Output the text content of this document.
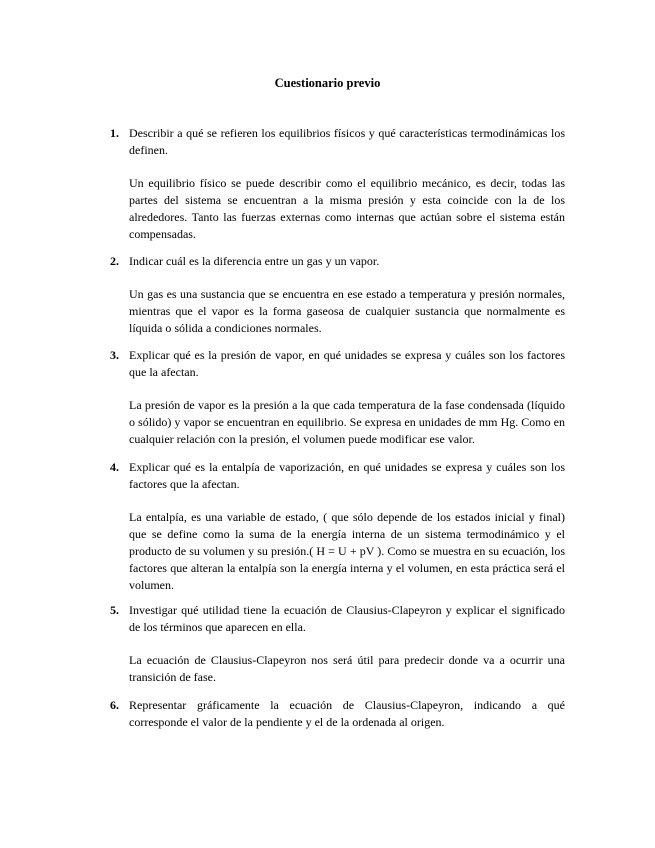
Cuestionario previo
1. Describir a qué se refieren los equilibrios físicos y qué características termodinámicas los definen.

Un equilibrio físico se puede describir como el equilibrio mecánico, es decir, todas las partes del sistema se encuentran a la misma presión y esta coincide con la de los alrededores. Tanto las fuerzas externas como internas que actúan sobre el sistema están compensadas.

2. Indicar cuál es la diferencia entre un gas y un vapor.

Un gas es una sustancia que se encuentra en ese estado a temperatura y presión normales, mientras que el vapor es la forma gaseosa de cualquier sustancia que normalmente es líquida o sólida a condiciones normales.

3. Explicar qué es la presión de vapor, en qué unidades se expresa y cuáles son los factores que la afectan.

La presión de vapor es la presión a la que cada temperatura de la fase condensada (líquido o sólido) y vapor se encuentran en equilibrio. Se expresa en unidades de mm Hg. Como en cualquier relación con la presión, el volumen puede modificar ese valor.

4. Explicar qué es la entalpía de vaporización, en qué unidades se expresa y cuáles son los factores que la afectan.

La entalpía, es una variable de estado, ( que sólo depende de los estados inicial y final) que se define como la suma de la energía interna de un sistema termodinámico y el producto de su volumen y su presión.( H = U + pV ). Como se muestra en su ecuación, los factores que alteran la entalpía son la energía interna y el volumen, en esta práctica será el volumen.

5. Investigar qué utilidad tiene la ecuación de Clausius-Clapeyron y explicar el significado de los términos que aparecen en ella.

La ecuación de Clausius-Clapeyron nos será útil para predecir donde va a ocurrir una transición de fase.

6. Representar gráficamente la ecuación de Clausius-Clapeyron, indicando a qué corresponde el valor de la pendiente y el de la ordenada al origen.
